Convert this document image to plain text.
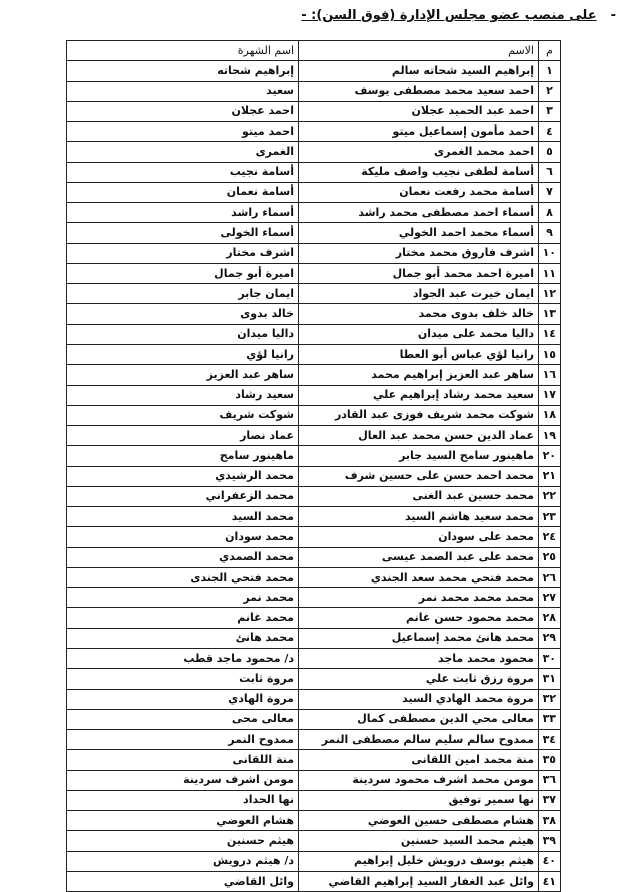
-على منصب عضو مجلس الإدارة (فوق السن): -
م	الاسم	اسم الشهرة
١	إبراهيم السيد شحاته سالم	إبراهيم شحاته
٢	احمد سعيد محمد مصطفى يوسف	سعيد
٣	احمد عبد الحميد عجلان	احمد عجلان
٤	احمد مأمون إسماعيل ميتو	احمد ميتو
٥	احمد محمد الغمرى	الغمرى
٦	أسامة لطفى نجيب واصف مليكة	أسامة نجيب
٧	أسامة محمد رفعت نعمان	أسامة نعمان
٨	أسماء احمد مصطفى محمد راشد	أسماء راشد
٩	أسماء محمد احمد الخولي	أسماء الخولى
١٠	اشرف فاروق محمد مختار	اشرف مختار
١١	اميرة احمد محمد أبو جمال	اميرة أبو جمال
١٢	ايمان خيرت عبد الجواد	ايمان جابر
١٣	خالد خلف بدوى محمد	خالد بدوى
١٤	داليا محمد على ميدان	داليا ميدان
١٥	رانيا لؤي عباس أبو العطا	رانيا لؤي
١٦	ساهر عبد العزيز إبراهيم محمد	ساهر عبد العزيز
١٧	سعيد محمد رشاد إبراهيم علي	سعيد رشاد
١٨	شوكت محمد شريف فوزى عبد القادر	شوكت شريف
١٩	عماد الدين حسن محمد عبد العال	عماد نصار
٢٠	ماهينور سامح السيد جابر	ماهينور سامح
٢١	محمد احمد حسن على حسين شرف	محمد الرشيدي
٢٢	محمد حسين عبد الغنى	محمد الزعفراني
٢٣	محمد سعيد هاشم السيد	محمد السيد
٢٤	محمد على سودان	محمد سودان
٢٥	محمد على عبد الصمد عيسى	محمد الصمدي
٢٦	محمد فتحي محمد سعد الجندي	محمد فتحي الجندى
٢٧	محمد محمد محمد نمر	محمد نمر
٢٨	محمد محمود حسن غانم	محمد غانم
٢٩	محمد هانئ محمد إسماعيل	محمد هانئ
٣٠	محمود محمد ماجد	د/ محمود ماجد قطب
٣١	مروة رزق ثابت علي	مروة ثابت
٣٢	مروة محمد الهادي السيد	مروة الهادي
٣٣	معالى محي الدين مصطفى كمال	معالى محى
٣٤	ممدوح سالم سليم سالم مصطفى النمر	ممدوح النمر
٣٥	منة محمد امين اللقانى	منة اللقانى
٣٦	مومن محمد اشرف محمود سردينة	مومن اشرف سردينة
٣٧	نها سمير توفيق	نها الحداد
٣٨	هشام مصطفى حسين العوضي	هشام العوضي
٣٩	هيثم محمد السيد حسنين	هيثم حسنين
٤٠	هيثم يوسف درويش خليل إبراهيم	د/ هيثم درويش
٤١	وائل عبد الغفار السيد إبراهيم القاضي	وائل القاضي
